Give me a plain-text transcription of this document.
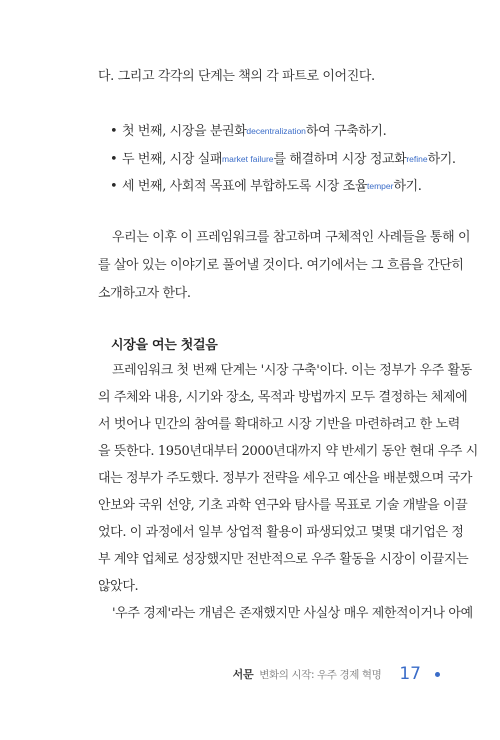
다. 그리고 각각의 단계는 책의 각 파트로 이어진다.
• 첫 번째, 시장을 분권화decentralization하여 구축하기.
• 두 번째, 시장 실패market failure를 해결하며 시장 정교화refine하기.
• 세 번째, 사회적 목표에 부합하도록 시장 조율temper하기.
우리는 이후 이 프레임워크를 참고하며 구체적인 사례들을 통해 이
를 살아 있는 이야기로 풀어낼 것이다. 여기에서는 그 흐름을 간단히
소개하고자 한다.
시장을 여는 첫걸음
프레임워크 첫 번째 단계는 '시장 구축'이다. 이는 정부가 우주 활동
의 주체와 내용, 시기와 장소, 목적과 방법까지 모두 결정하는 체제에
서 벗어나 민간의 참여를 확대하고 시장 기반을 마련하려고 한 노력
을 뜻한다. 1950년대부터 2000년대까지 약 반세기 동안 현대 우주 시
대는 정부가 주도했다. 정부가 전략을 세우고 예산을 배분했으며 국가
안보와 국위 선양, 기초 과학 연구와 탐사를 목표로 기술 개발을 이끌
었다. 이 과정에서 일부 상업적 활용이 파생되었고 몇몇 대기업은 정
부 계약 업체로 성장했지만 전반적으로 우주 활동을 시장이 이끌지는
않았다.
'우주 경제'라는 개념은 존재했지만 사실상 매우 제한적이거나 아예
서문 변화의 시작: 우주 경제 혁명 17
